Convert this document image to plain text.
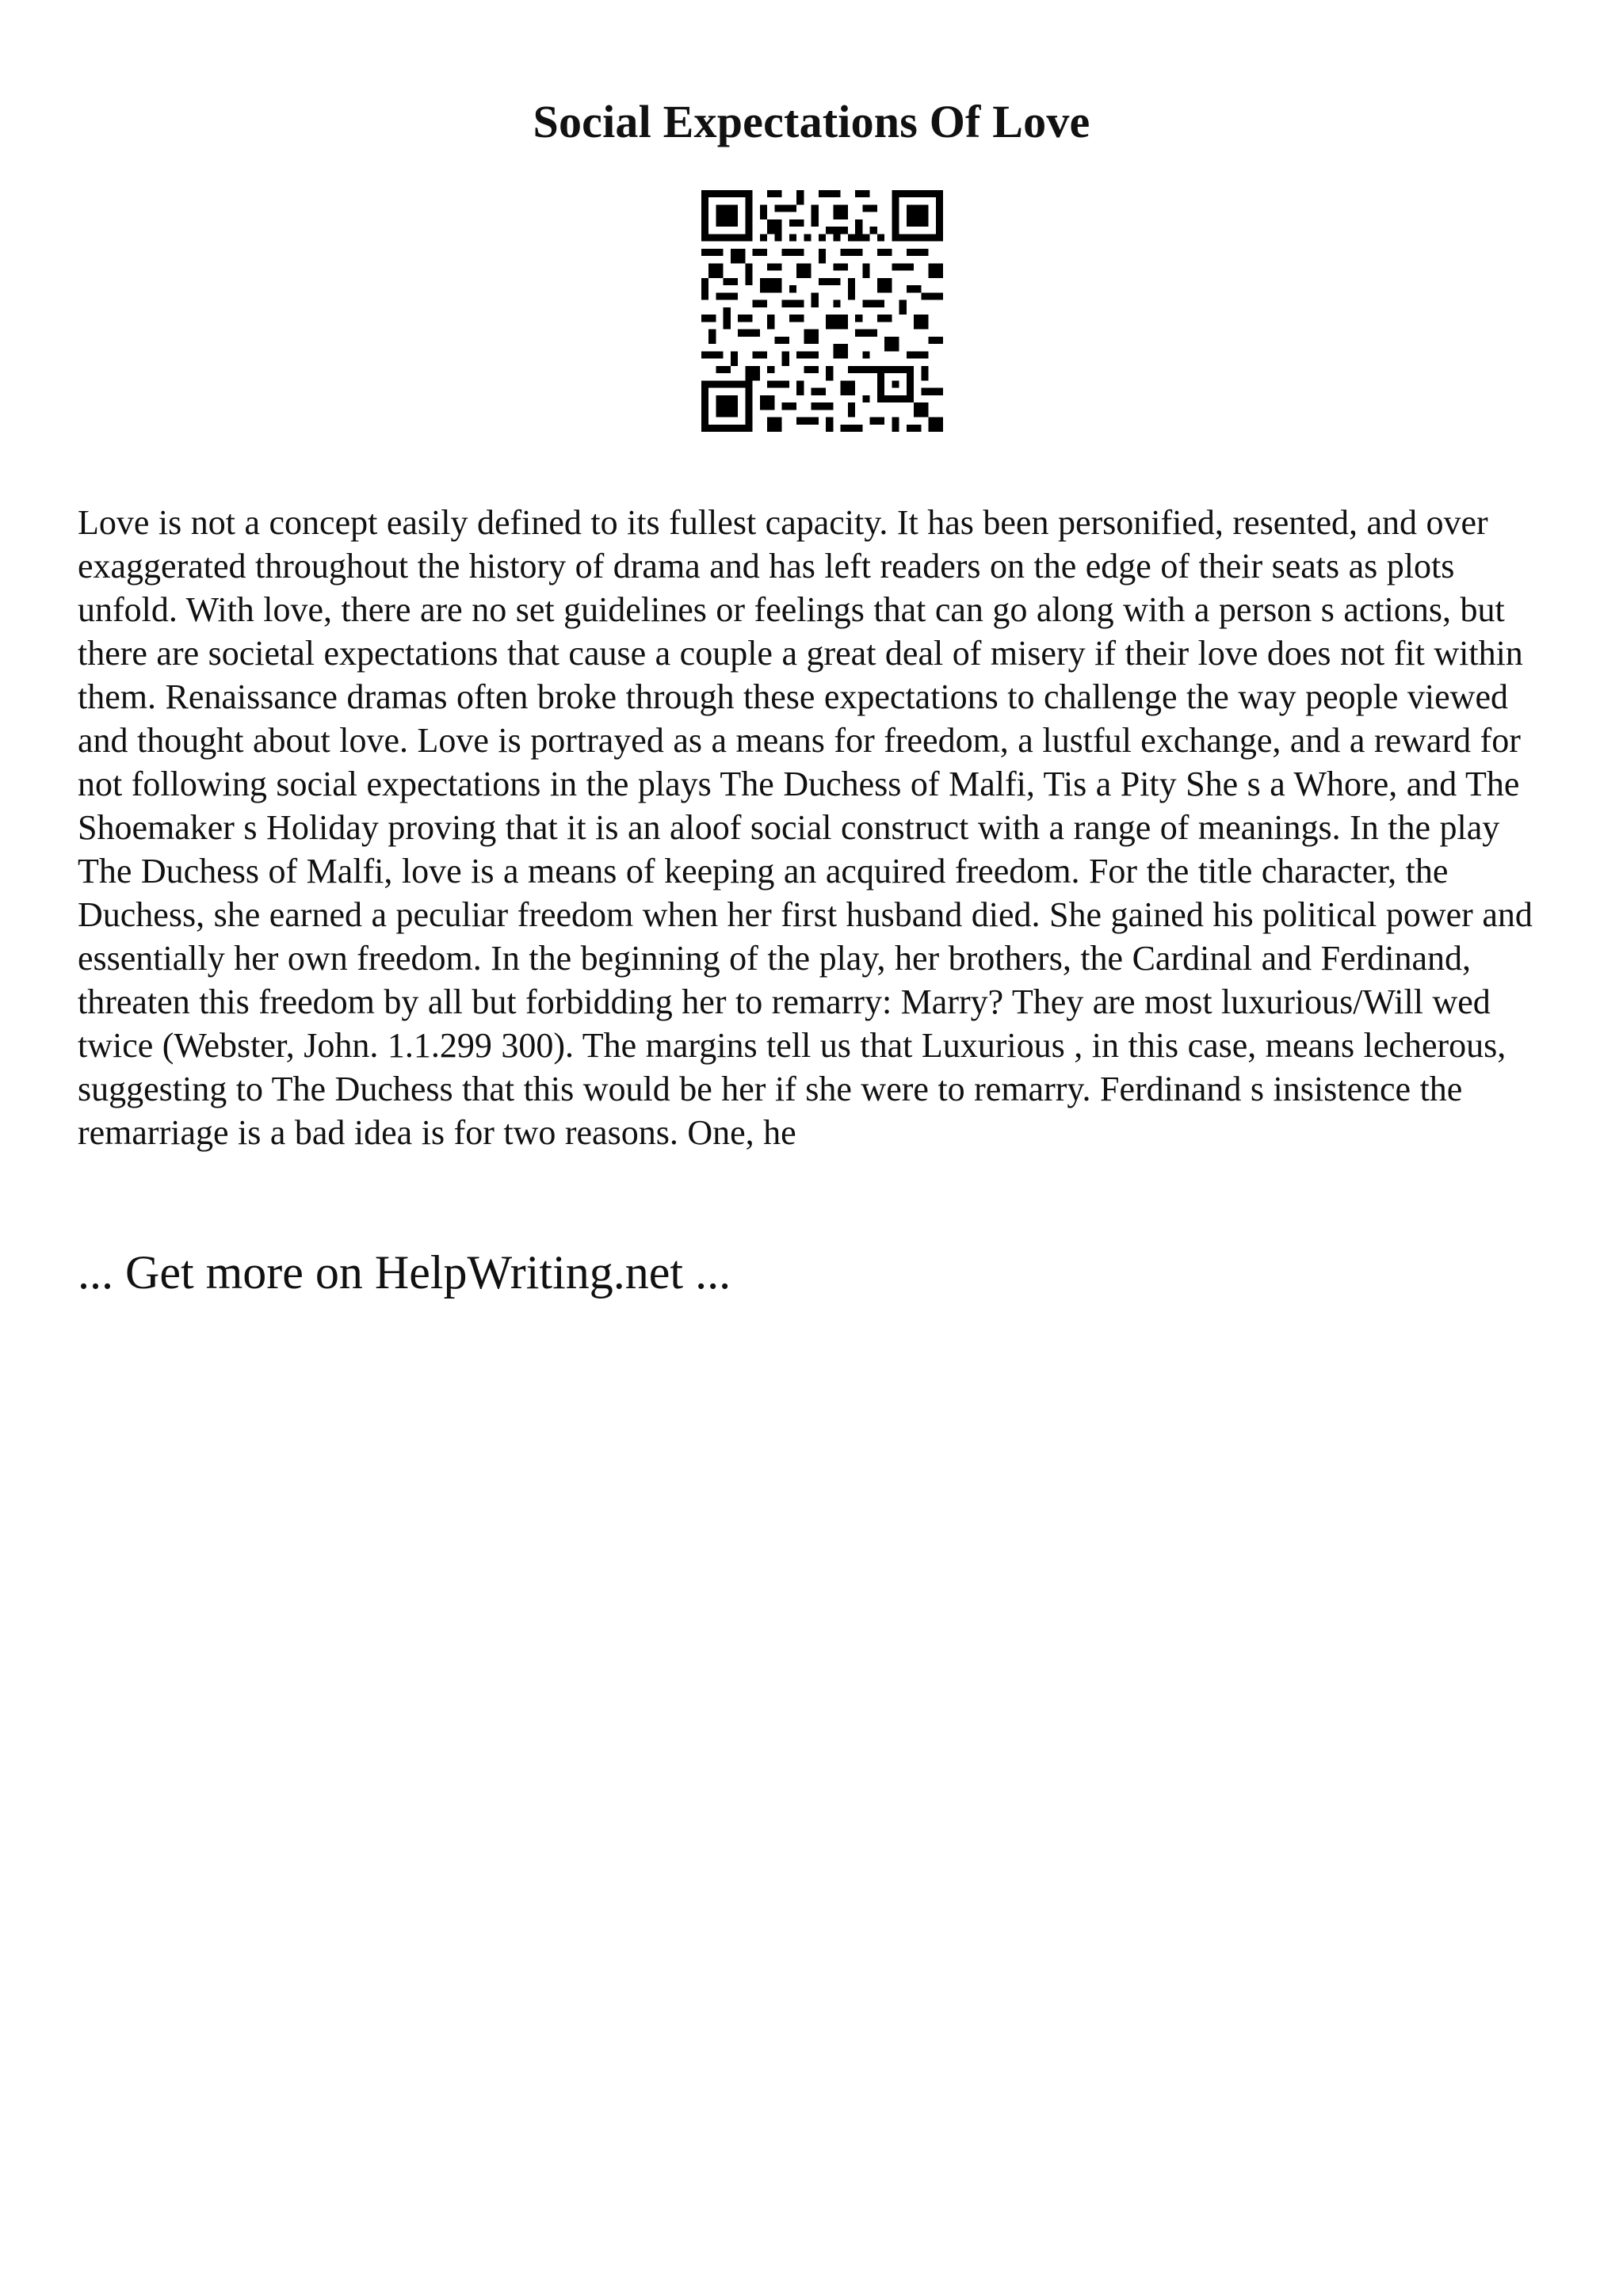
Social Expectations Of Love

Love is not a concept easily defined to its fullest capacity. It has been personified, resented, and over exaggerated throughout the history of drama and has left readers on the edge of their seats as plots unfold. With love, there are no set guidelines or feelings that can go along with a person s actions, but there are societal expectations that cause a couple a great deal of misery if their love does not fit within them. Renaissance dramas often broke through these expectations to challenge the way people viewed and thought about love. Love is portrayed as a means for freedom, a lustful exchange, and a reward for not following social expectations in the plays The Duchess of Malfi, Tis a Pity She s a Whore, and The Shoemaker s Holiday proving that it is an aloof social construct with a range of meanings. In the play The Duchess of Malfi, love is a means of keeping an acquired freedom. For the title character, the Duchess, she earned a peculiar freedom when her first husband died. She gained his political power and essentially her own freedom. In the beginning of the play, her brothers, the Cardinal and Ferdinand, threaten this freedom by all but forbidding her to remarry: Marry? They are most luxurious/Will wed twice (Webster, John. 1.1.299 300). The margins tell us that Luxurious , in this case, means lecherous, suggesting to The Duchess that this would be her if she were to remarry. Ferdinand s insistence the remarriage is a bad idea is for two reasons. One, he

... Get more on HelpWriting.net ...
